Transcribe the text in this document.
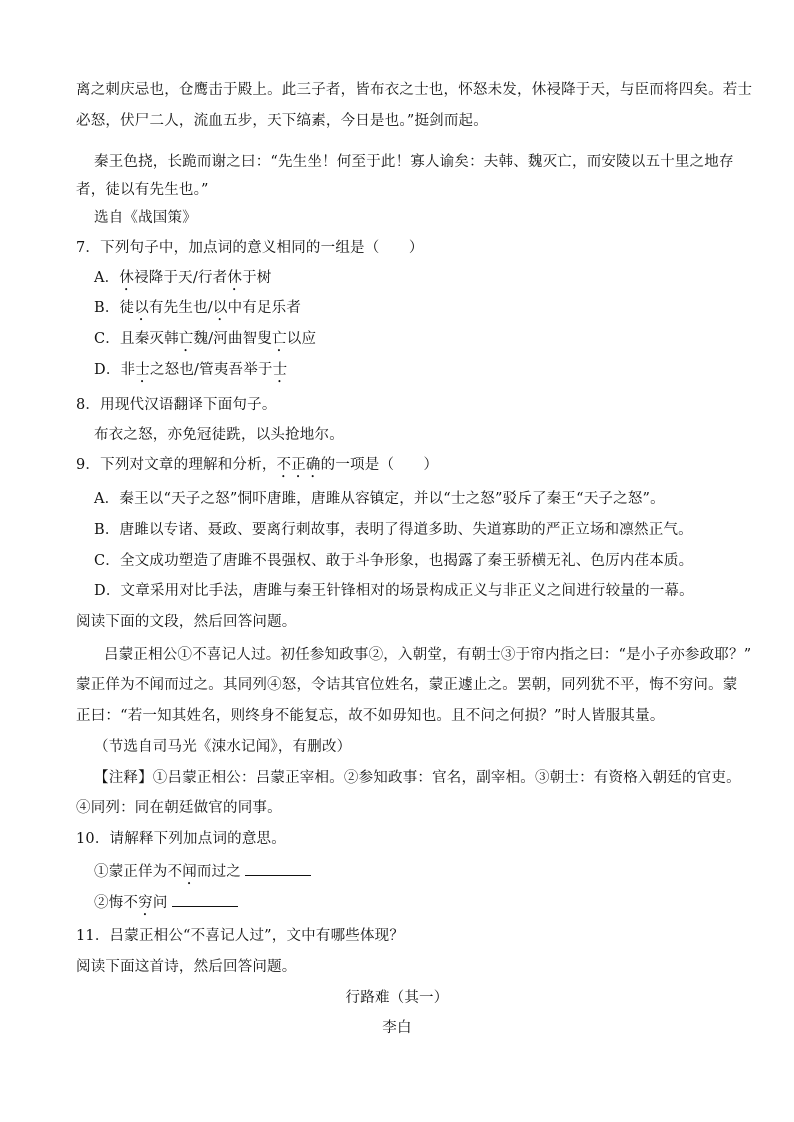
离之刺庆忌也，仓鹰击于殿上。此三子者，皆布衣之士也，怀怒未发，休祲降于天，与臣而将四矣。若士
必怒，伏尸二人，流血五步，天下缟素，今日是也。”挺剑而起。
秦王色挠，长跪而谢之曰：“先生坐！何至于此！寡人谕矣：夫韩、魏灭亡，而安陵以五十里之地存
者，徒以有先生也。”
选自《战国策》
7．下列句子中，加点词的意义相同的一组是（　　）
A．休祲降于天/行者休于树
B．徒以有先生也/以中有足乐者
C．且秦灭韩亡魏/河曲智叟亡以应
D．非士之怒也/管夷吾举于士
8．用现代汉语翻译下面句子。
布衣之怒，亦免冠徒跣，以头抢地尔。
9．下列对文章的理解和分析，不正确的一项是（　　）
A．秦王以“天子之怒”恫吓唐雎，唐雎从容镇定，并以“士之怒”驳斥了秦王“天子之怒”。
B．唐雎以专诸、聂政、要离行刺故事，表明了得道多助、失道寡助的严正立场和凛然正气。
C．全文成功塑造了唐雎不畏强权、敢于斗争形象，也揭露了秦王骄横无礼、色厉内荏本质。
D．文章采用对比手法，唐雎与秦王针锋相对的场景构成正义与非正义之间进行较量的一幕。
阅读下面的文段，然后回答问题。
吕蒙正相公①不喜记人过。初任参知政事②，入朝堂，有朝士③于帘内指之曰：“是小子亦参政耶？”
蒙正佯为不闻而过之。其同列④怒，令诘其官位姓名，蒙正遽止之。罢朝，同列犹不平，悔不穷问。蒙
正曰：“若一知其姓名，则终身不能复忘，故不如毋知也。且不问之何损？”时人皆服其量。
（节选自司马光《涑水记闻》，有删改）
【注释】①吕蒙正相公：吕蒙正宰相。②参知政事：官名，副宰相。③朝士：有资格入朝廷的官吏。
④同列：同在朝廷做官的同事。
10．请解释下列加点词的意思。
①蒙正佯为不闻而过之
②悔不穷问
11．吕蒙正相公“不喜记人过”，文中有哪些体现？
阅读下面这首诗，然后回答问题。
行路难（其一）
李白
